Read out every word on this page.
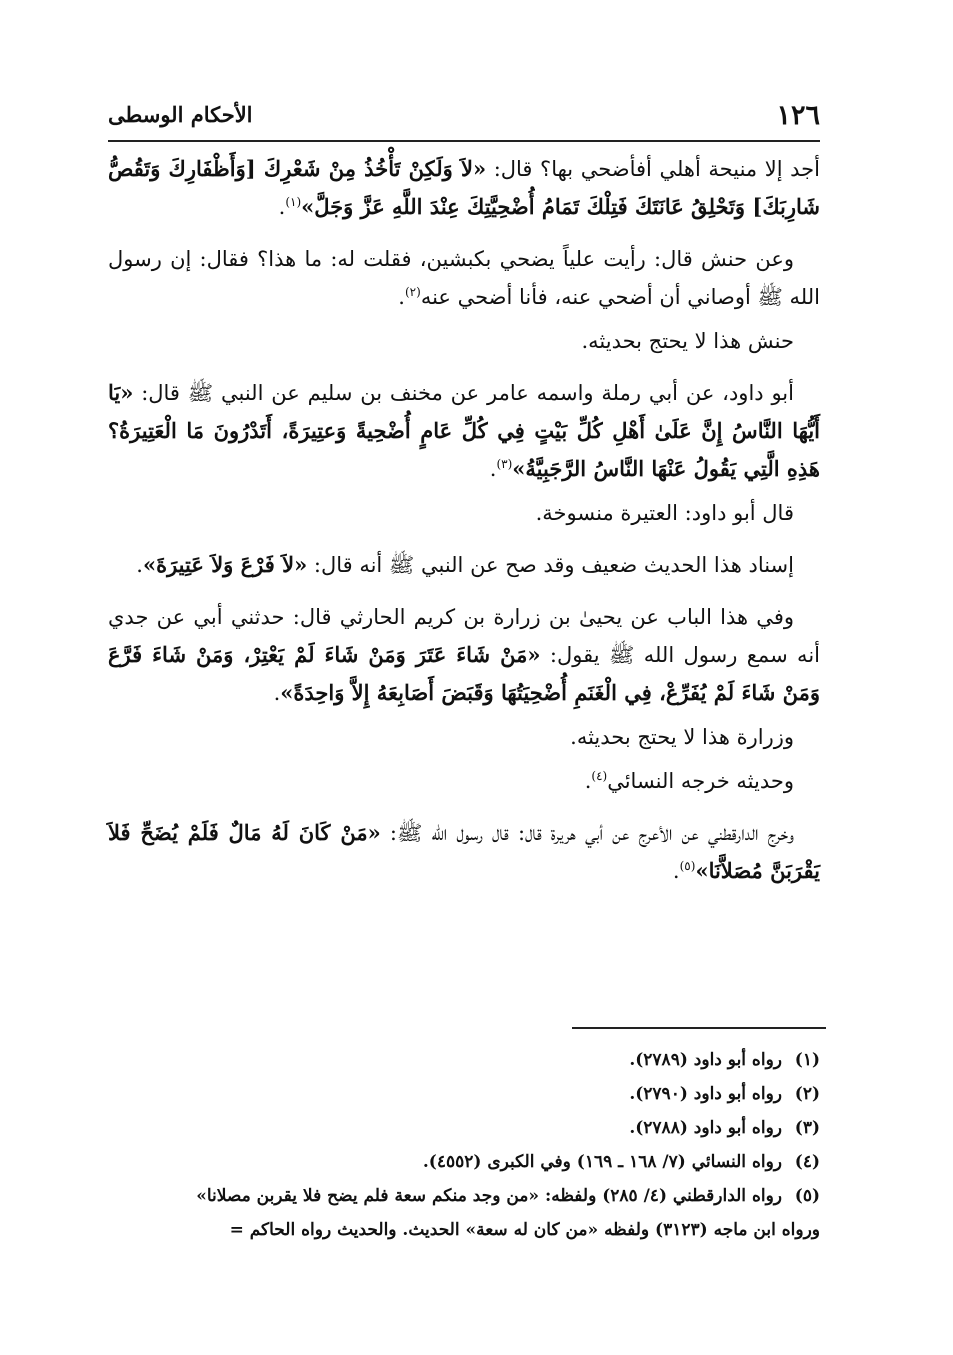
١٢٦
الأحكام الوسطى

أجد إلا منيحة أهلي أفأضحي بها؟ قال: «لاَ وَلَكِنْ تَأْخُذُ مِنْ شَعْرِكَ [وَأَظْفَارِكَ وَتَقُصُّ شَارِبَكَ] وَتَحْلِقُ عَانَتَكَ فَتِلْكَ تَمَامُ أُضْحِيَّتِكَ عِنْدَ اللَّهِ عَزَّ وَجَلَّ»$^{(١)}$.

وعن حنش قال: رأيت علياً يضحي بكبشين، فقلت له: ما هذا؟ فقال: إن رسول الله ﷺ أوصاني أن أضحي عنه، فأنا أضحي عنه$^{(٢)}$.

حنش هذا لا يحتج بحديثه.

أبو داود، عن أبي رملة واسمه عامر عن مخنف بن سليم عن النبي ﷺ قال: «يَا أَيُّهَا النَّاسُ إِنَّ عَلَىٰ أَهْلِ كُلِّ بَيْتٍ فِي كُلِّ عَامٍ أُضْحِيةً وَعتِيرَةً، أَتَدْرُونَ مَا الْعَتِيرَةُ؟ هَذِهِ الَّتِي يَقُولُ عَنْهَا النَّاسُ الرَّجَبِيَّةُ»$^{(٣)}$.

قال أبو داود: العتيرة منسوخة.

إسناد هذا الحديث ضعيف وقد صح عن النبي ﷺ أنه قال: «لاَ فَرْعَ وَلاَ عَتِيرَةَ».

وفي هذا الباب عن يحيىٰ بن زرارة بن كريم الحارثي قال: حدثني أبي عن جدي أنه سمع رسول الله ﷺ يقول: «مَنْ شَاءَ عَتَرَ وَمَنْ شَاءَ لَمْ يَعْتِرْ، وَمَنْ شَاءَ فَرَّعَ وَمَنْ شَاءَ لَمْ يُفَرِّعْ، فِي الْغَنَمِ أُضْحِيَتُهَا وَقَبَضَ أَصَابِعَهُ إِلاَّ وَاحِدَةً».

وزرارة هذا لا يحتج بحديثه.

وحديثه خرجه النسائي$^{(٤)}$.

وخرج الدارقطني عن الأعرج عن أبي هريرة قال: قال رسول الله ﷺ: «مَنْ كَانَ لَهُ مَالٌ فَلَمْ يُضَحِّ فَلاَ يَقْرَبَنَّ مُصَلاَّنَا»$^{(٥)}$.

(١)رواه أبو داود (٢٧٨٩).

(٢)رواه أبو داود (٢٧٩٠).

(٣)رواه أبو داود (٢٧٨٨).

(٤)رواه النسائي (٧/ ١٦٨ ـ ١٦٩) وفي الكبرى (٤٥٥٢).

(٥)رواه الدارقطني (٤/ ٢٨٥) ولفظه: «من وجد منكم سعة فلم يضح فلا يقربن مصلانا»

ورواه ابن ماجه (٣١٢٣) ولفظه «من كان له سعة» الحديث. والحديث رواه الحاكم =
